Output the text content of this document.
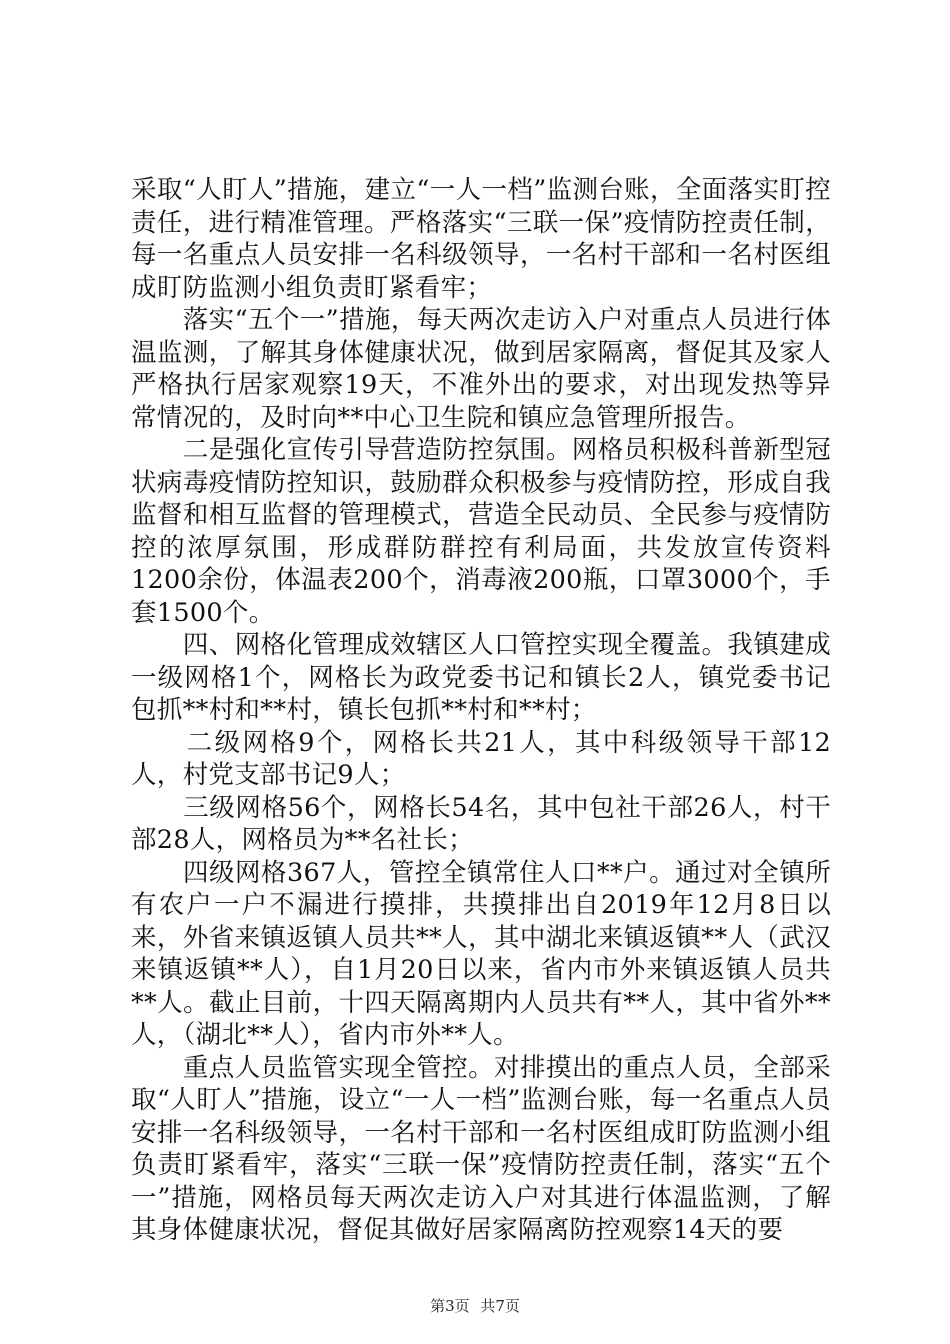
采取“人盯人”措施，建立“一人一档”监测台账，全面落实盯控责任，进行精准管理。严格落实“三联一保”疫情防控责任制，每一名重点人员安排一名科级领导，一名村干部和一名村医组成盯防监测小组负责盯紧看牢；

　　落实“五个一”措施，每天两次走访入户对重点人员进行体温监测，了解其身体健康状况，做到居家隔离，督促其及家人严格执行居家观察19天，不准外出的要求，对出现发热等异常情况的，及时向**中心卫生院和镇应急管理所报告。

　　二是强化宣传引导营造防控氛围。网格员积极科普新型冠状病毒疫情防控知识，鼓励群众积极参与疫情防控，形成自我监督和相互监督的管理模式，营造全民动员、全民参与疫情防控的浓厚氛围，形成群防群控有利局面，共发放宣传资料1200余份，体温表200个，消毒液200瓶，口罩3000个，手套1500个。

　　四、网格化管理成效辖区人口管控实现全覆盖。我镇建成一级网格1个，网格长为政党委书记和镇长2人，镇党委书记包抓**村和**村，镇长包抓**村和**村；

　　二级网格9个，网格长共21人，其中科级领导干部12人，村党支部书记9人；

　　三级网格56个，网格长54名，其中包社干部26人，村干部28人，网格员为**名社长；

　　四级网格367人，管控全镇常住人口**户。通过对全镇所有农户一户不漏进行摸排，共摸排出自2019年12月8日以来，外省来镇返镇人员共**人，其中湖北来镇返镇**人（武汉来镇返镇**人），自1月20日以来，省内市外来镇返镇人员共**人。截止目前，十四天隔离期内人员共有**人，其中省外**人，（湖北**人），省内市外**人。

　　重点人员监管实现全管控。对排摸出的重点人员，全部采取“人盯人”措施，设立“一人一档”监测台账，每一名重点人员安排一名科级领导，一名村干部和一名村医组成盯防监测小组负责盯紧看牢，落实“三联一保”疫情防控责任制，落实“五个一”措施，网格员每天两次走访入户对其进行体温监测，了解其身体健康状况，督促其做好居家隔离防控观察14天的要

第3页 共7页
